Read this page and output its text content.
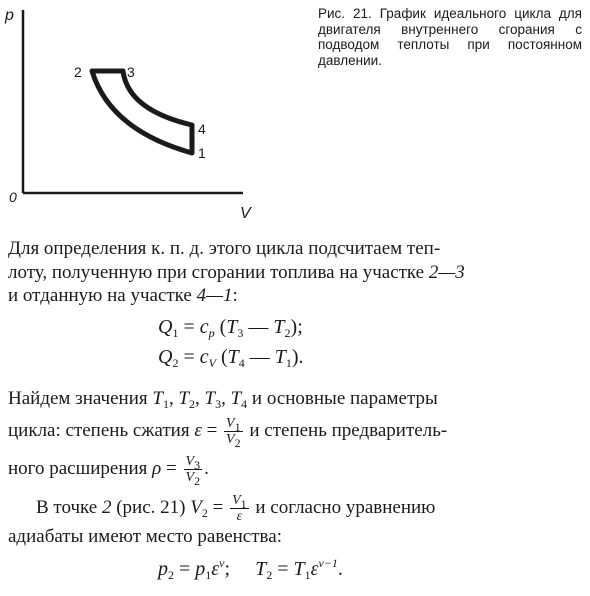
p
V
0
2	3
4
1
Рис. 21. График идеального цикла для двигателя внутреннего сгорания с подводом теплоты при постоянном давлении.
Для определения к. п. д. этого цикла подсчитаем теп-
лоту, полученную при сгорании топлива на участке 2—3
и отданную на участке 4—1:
$Q_1 = c_p$ ($T_3$ — $T_2$);
$Q_2 = c_V$ ($T_4$ — $T_1$).
Найдем значения $T_1$, $T_2$, $T_3$, $T_4$ и основные параметры
цикла: степень сжатия $\varepsilon = \frac{V_1}{V_2}$ и степень предваритель-
ного расширения $\rho = \frac{V_3}{V_2}$ .
В точке 2 (рис. 21) $V_2 = \frac{V_1}{\varepsilon}$ и согласно уравнению
адиабаты имеют место равенства:
$p_2 = p_1\varepsilon^\nu$;     $T_2 = T_1\varepsilon^{\nu-1}$.
